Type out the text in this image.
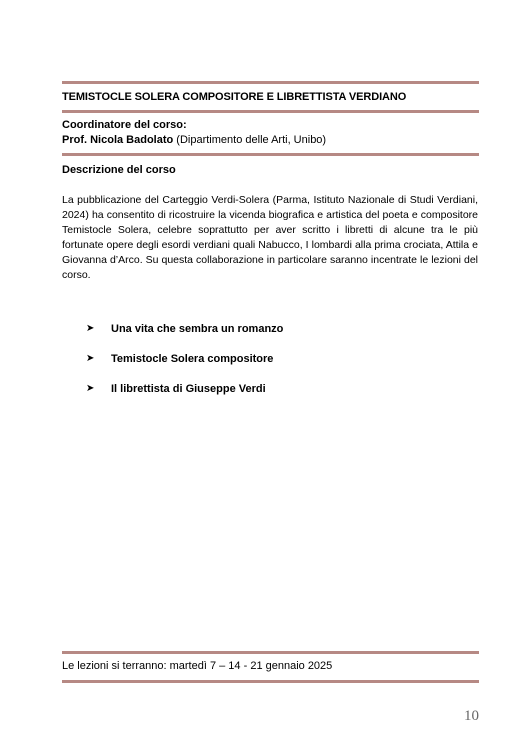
TEMISTOCLE SOLERA COMPOSITORE E LIBRETTISTA VERDIANO
Coordinatore del corso:
Prof. Nicola Badolato (Dipartimento delle Arti, Unibo)
Descrizione del corso
La pubblicazione del Carteggio Verdi-Solera (Parma, Istituto Nazionale di Studi Verdiani, 2024) ha consentito di ricostruire la vicenda biografica e artistica del poeta e compositore Temistocle Solera, celebre soprattutto per aver scritto i libretti di alcune tra le più fortunate opere degli esordi verdiani quali Nabucco, I lombardi alla prima crociata, Attila e Giovanna d’Arco. Su questa collaborazione in particolare saranno incentrate le lezioni del corso.
➤	Una vita che sembra un romanzo
➤	Temistocle Solera compositore
➤	Il librettista di Giuseppe Verdi
Le lezioni si terranno: martedì 7 – 14 - 21 gennaio 2025
10
